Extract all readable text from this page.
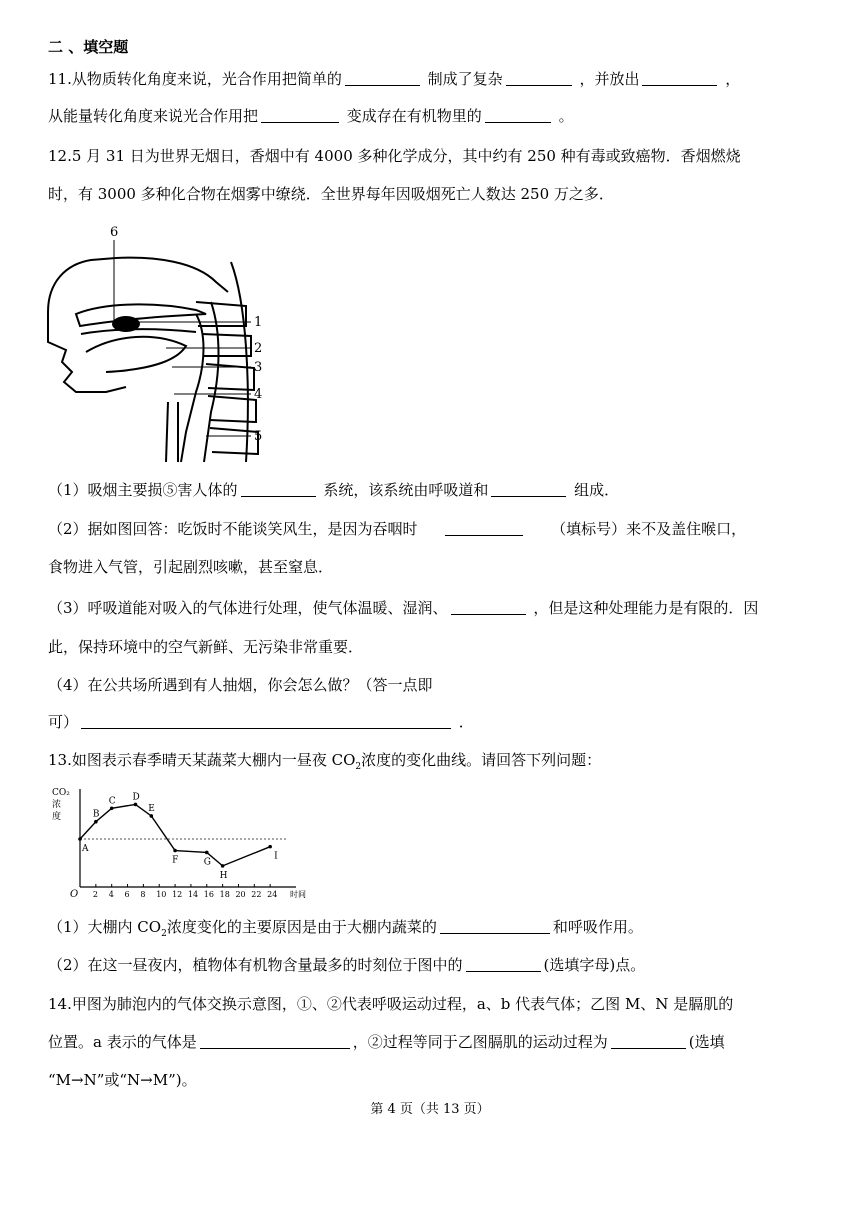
二 、填空题
11.从物质转化角度来说，光合作用把简单的	制成了复杂	，并放出	，
从能量转化角度来说光合作用把	变成存在有机物里的	。
12.5 月 31 日为世界无烟日，香烟中有 4000 多种化学成分，其中约有 250 种有毒或致癌物．香烟燃烧
时，有 3000 多种化合物在烟雾中缭绕．全世界每年因吸烟死亡人数达 250 万之多．
6
1
2
3
4
5
（1）吸烟主要损⑤害人体的	系统，该系统由呼吸道和	组成．
（2）据如图回答：吃饭时不能谈笑风生，是因为吞咽时	（填标号）来不及盖住喉口，
食物进入气管，引起剧烈咳嗽，甚至窒息．
（3）呼吸道能对吸入的气体进行处理，使气体温暖、湿润、	，但是这种处理能力是有限的．因
此，保持环境中的空气新鲜、无污染非常重要．
（4）在公共场所遇到有人抽烟，你会怎么做？（答一点即
可）	．
13.如图表示春季晴天某蔬菜大棚内一昼夜 $CO_2$浓度的变化曲线。请回答下列问题：
CO₂
浓
度
O 2 4 6 8 10 12 14 16 18 20 22 24 时间
A
B
C D
E
F	G
H
I
（1）大棚内 $CO_2$浓度变化的主要原因是由于大棚内蔬菜的	和呼吸作用。
（2）在这一昼夜内，植物体有机物含量最多的时刻位于图中的	(选填字母)点。
14.甲图为肺泡内的气体交换示意图，①、②代表呼吸运动过程，a、b 代表气体；乙图 M、N 是膈肌的
位置。a 表示的气体是	，②过程等同于乙图膈肌的运动过程为	(选填
“M→N”或“N→M”)。
第 4 页（共 13 页）
